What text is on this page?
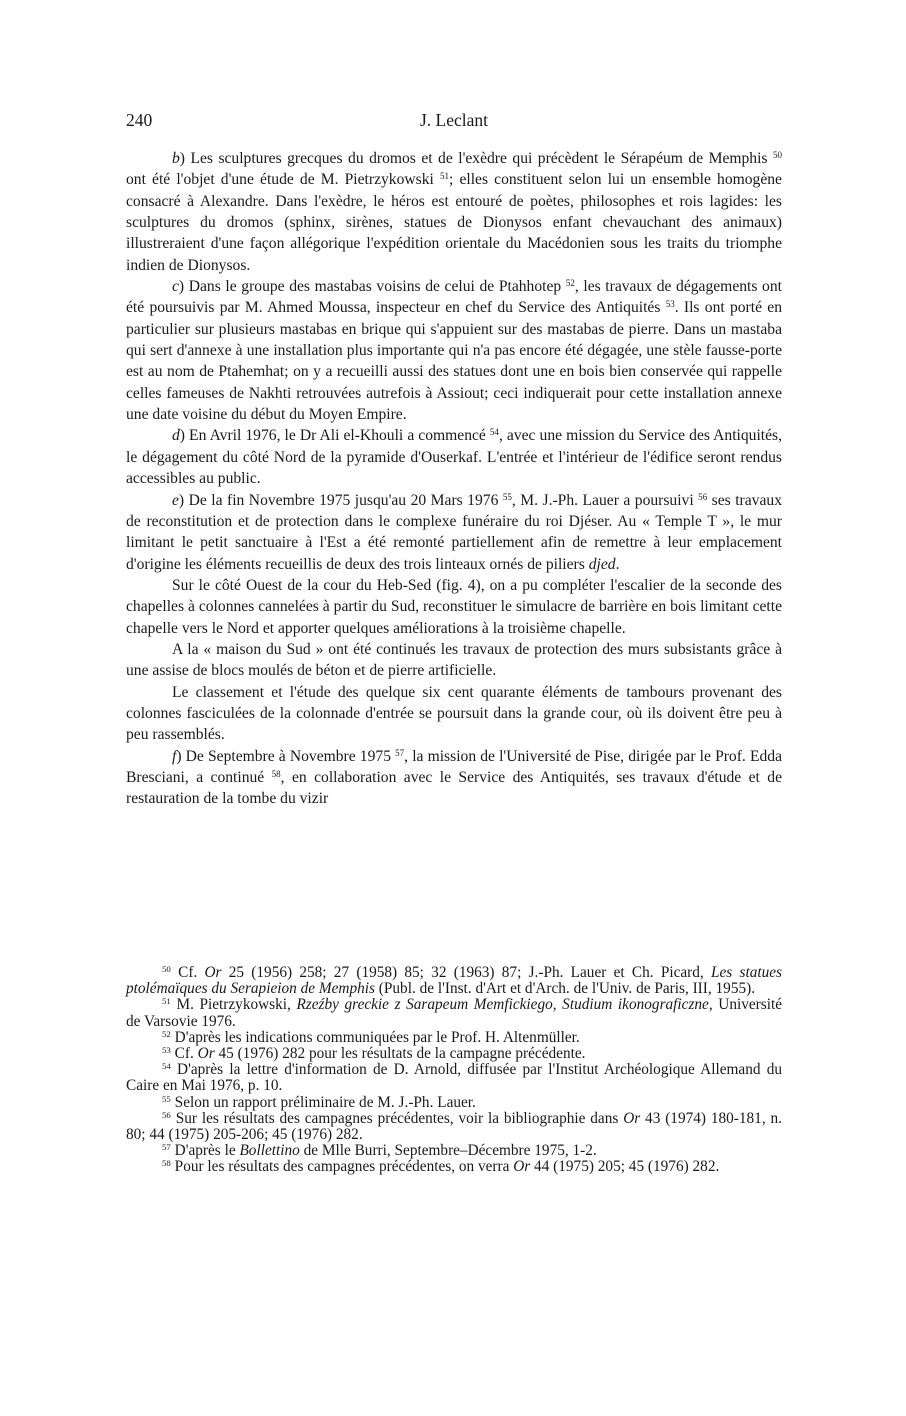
240	J. Leclant

b) Les sculptures grecques du dromos et de l'exèdre qui précèdent le Sérapéum de Memphis $^{50}$ ont été l'objet d'une étude de M. Pietrzykowski $^{51}$; elles constituent selon lui un ensemble homogène consacré à Alexandre. Dans l'exèdre, le héros est entouré de poètes, philosophes et rois lagides: les sculptures du dromos (sphinx, sirènes, statues de Dionysos enfant chevauchant des animaux) illustreraient d'une façon allégorique l'expédition orientale du Macédonien sous les traits du triomphe indien de Dionysos.

c) Dans le groupe des mastabas voisins de celui de Ptahhotep $^{52}$, les travaux de dégagements ont été poursuivis par M. Ahmed Moussa, inspecteur en chef du Service des Antiquités $^{53}$. Ils ont porté en particulier sur plusieurs mastabas en brique qui s'appuient sur des mastabas de pierre. Dans un mastaba qui sert d'annexe à une installation plus importante qui n'a pas encore été dégagée, une stèle fausse-porte est au nom de Ptahemhat; on y a recueilli aussi des statues dont une en bois bien conservée qui rappelle celles fameuses de Nakhti retrouvées autrefois à Assiout; ceci indiquerait pour cette installation annexe une date voisine du début du Moyen Empire.

d) En Avril 1976, le Dr Ali el-Khouli a commencé $^{54}$, avec une mission du Service des Antiquités, le dégagement du côté Nord de la pyramide d'Ouserkaf. L'entrée et l'intérieur de l'édifice seront rendus accessibles au public.

e) De la fin Novembre 1975 jusqu'au 20 Mars 1976 $^{55}$, M. J.-Ph. Lauer a poursuivi $^{56}$ ses travaux de reconstitution et de protection dans le complexe funéraire du roi Djéser. Au « Temple T », le mur limitant le petit sanctuaire à l'Est a été remonté partiellement afin de remettre à leur emplacement d'origine les éléments recueillis de deux des trois linteaux ornés de piliers djed.

Sur le côté Ouest de la cour du Heb-Sed (fig. 4), on a pu compléter l'escalier de la seconde des chapelles à colonnes cannelées à partir du Sud, reconstituer le simulacre de barrière en bois limitant cette chapelle vers le Nord et apporter quelques améliorations à la troisième chapelle.

A la « maison du Sud » ont été continués les travaux de protection des murs subsistants grâce à une assise de blocs moulés de béton et de pierre artificielle.

Le classement et l'étude des quelque six cent quarante éléments de tambours provenant des colonnes fasciculées de la colonnade d'entrée se poursuit dans la grande cour, où ils doivent être peu à peu rassemblés.

f) De Septembre à Novembre 1975 $^{57}$, la mission de l'Université de Pise, dirigée par le Prof. Edda Bresciani, a continué $^{58}$, en collaboration avec le Service des Antiquités, ses travaux d'étude et de restauration de la tombe du vizir

$^{50}$ Cf. Or 25 (1956) 258; 27 (1958) 85; 32 (1963) 87; J.-Ph. Lauer et Ch. Picard, Les statues ptolémaïques du Serapieion de Memphis (Publ. de l'Inst. d'Art et d'Arch. de l'Univ. de Paris, III, 1955).

$^{51}$ M. Pietrzykowski, Rzeźby greckie z Sarapeum Memfickiego, Studium ikonograficzne, Université de Varsovie 1976.

$^{52}$ D'après les indications communiquées par le Prof. H. Altenmüller.

$^{53}$ Cf. Or 45 (1976) 282 pour les résultats de la campagne précédente.

$^{54}$ D'après la lettre d'information de D. Arnold, diffusée par l'Institut Archéologique Allemand du Caire en Mai 1976, p. 10.

$^{55}$ Selon un rapport préliminaire de M. J.-Ph. Lauer.

$^{56}$ Sur les résultats des campagnes précédentes, voir la bibliographie dans Or 43 (1974) 180-181, n. 80; 44 (1975) 205-206; 45 (1976) 282.

$^{57}$ D'après le Bollettino de Mlle Burri, Septembre–Décembre 1975, 1-2.

$^{58}$ Pour les résultats des campagnes précédentes, on verra Or 44 (1975) 205; 45 (1976) 282.
